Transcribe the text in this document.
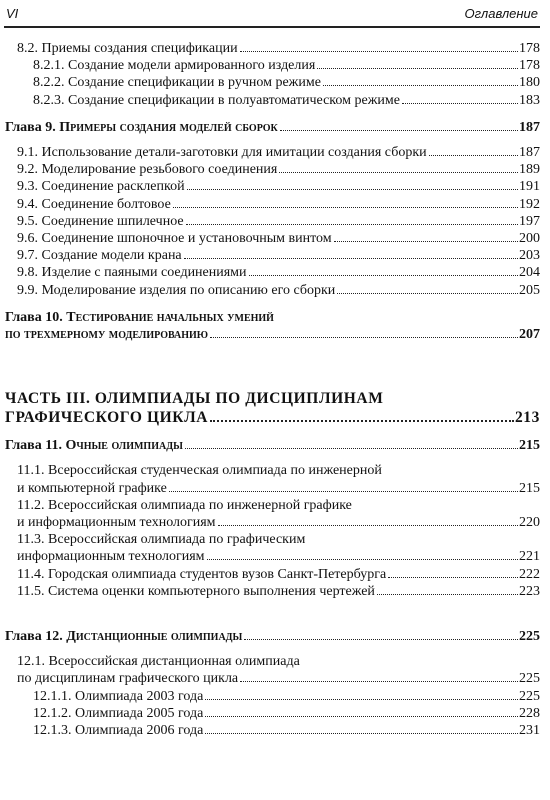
VI	Оглавление
8.2. Приемы создания спецификации	178
8.2.1. Создание модели армированного изделия	178
8.2.2. Создание спецификации в ручном режиме	180
8.2.3. Создание спецификации в полуавтоматическом режиме	183
Глава 9. Примеры создания моделей сборок	187
9.1. Использование детали-заготовки для имитации создания сборки	187
9.2. Моделирование резьбового соединения	189
9.3. Соединение расклепкой	191
9.4. Соединение болтовое	192
9.5. Соединение шпилечное	197
9.6. Соединение шпоночное и установочным винтом	200
9.7. Создание модели крана	203
9.8. Изделие с паяными соединениями	204
9.9. Моделирование изделия по описанию его сборки	205
Глава 10. Тестирование начальных умений
по трехмерному моделированию	207
ЧАСТЬ III. ОЛИМПИАДЫ ПО ДИСЦИПЛИНАМ
ГРАФИЧЕСКОГО ЦИКЛА	213
Глава 11. Очные олимпиады	215
11.1. Всероссийская студенческая олимпиада по инженерной
и компьютерной графике	215
11.2. Всероссийская олимпиада по инженерной графике
и информационным технологиям	220
11.3. Всероссийская олимпиада по графическим
информационным технологиям	221
11.4. Городская олимпиада студентов вузов Санкт-Петербурга	222
11.5. Система оценки компьютерного выполнения чертежей	223
Глава 12. Дистанционные олимпиады	225
12.1. Всероссийская дистанционная олимпиада
по дисциплинам графического цикла	225
12.1.1. Олимпиада 2003 года	225
12.1.2. Олимпиада 2005 года	228
12.1.3. Олимпиада 2006 года	231
